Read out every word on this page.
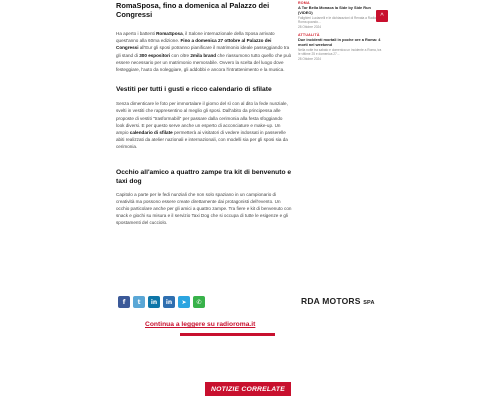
RomaSposa, fino a domenica al Palazzo dei Congressi

Ha aperto i battenti RomaSposa, il Salone internazionale della Sposa arrivato quest'anno alla 60ma edizione. Fino a domenica 27 ottobre al Palazzo dei Congressi all'Eur gli sposi potranno pianificare il matrimonio ideale passeggiando tra gli stand di 300 espositori con oltre 2mila brand che riassumono tutto quello che può essere necessario per un matrimonio memorabile. Ovvero la scelta del luogo dove festeggiare, l'auto da noleggiare, gli addobbi e ancora l'intrattenimento e la musica.

Vestiti per tutti i gusti e ricco calendario di sfilate

Senza dimenticare le foto per immortalare il giorno del sì con al dito la fede nunziale, svelti in vestiti che rappresentino al meglio gli sposi. Dall'abito da principessa alle proposte di vestiti "trasformabili" per passare dalla cerimonia alla festa sfoggiando look diversi. E per questo serve anche un esperto di acconciature e make-up. Un ampio calendario di sfilate permetterà ai visitatori di vedere indossati in passerelle abiti realizzati da atelier nazionali e internazionali, con modelli sia per gli sposi sia da cerimonia.

Occhio all'amico a quattro zampe tra kit di benvenuto e taxi dog

Capitolo a parte per le fedi nunziali che non solo spaziano in un campionario di creatività ma possono essere create direttamente dai protagonisti dell'evento. Un occhio particolare anche per gli amici a quattro zampe. Tra fiere e kit di benvenuto con snack e giochi su misura e il servizio Taxi Dog che si occupa di tutte le esigenze e gli spostamenti del cucciolo.

ROMA
A Tor Bella Monaca la Side by Side Run (VIDEO)
Falighieri Lucianelli e le dichiarazioni di Renata a Radio Roma quando...
28 Ottobre 2024
ATTUALITÀ
Due incidenti mortali in poche ore a Roma: 4 morti nel weekend
Nella notte tra sabato e domenica un incidente a Roma, tra le vittime 25 e domenica 27...
28 Ottobre 2024
^
f	t	in	in	➤	✆	RDA MOTORS SPA
Continua a leggere su radioroma.it
NOTIZIE CORRELATE
